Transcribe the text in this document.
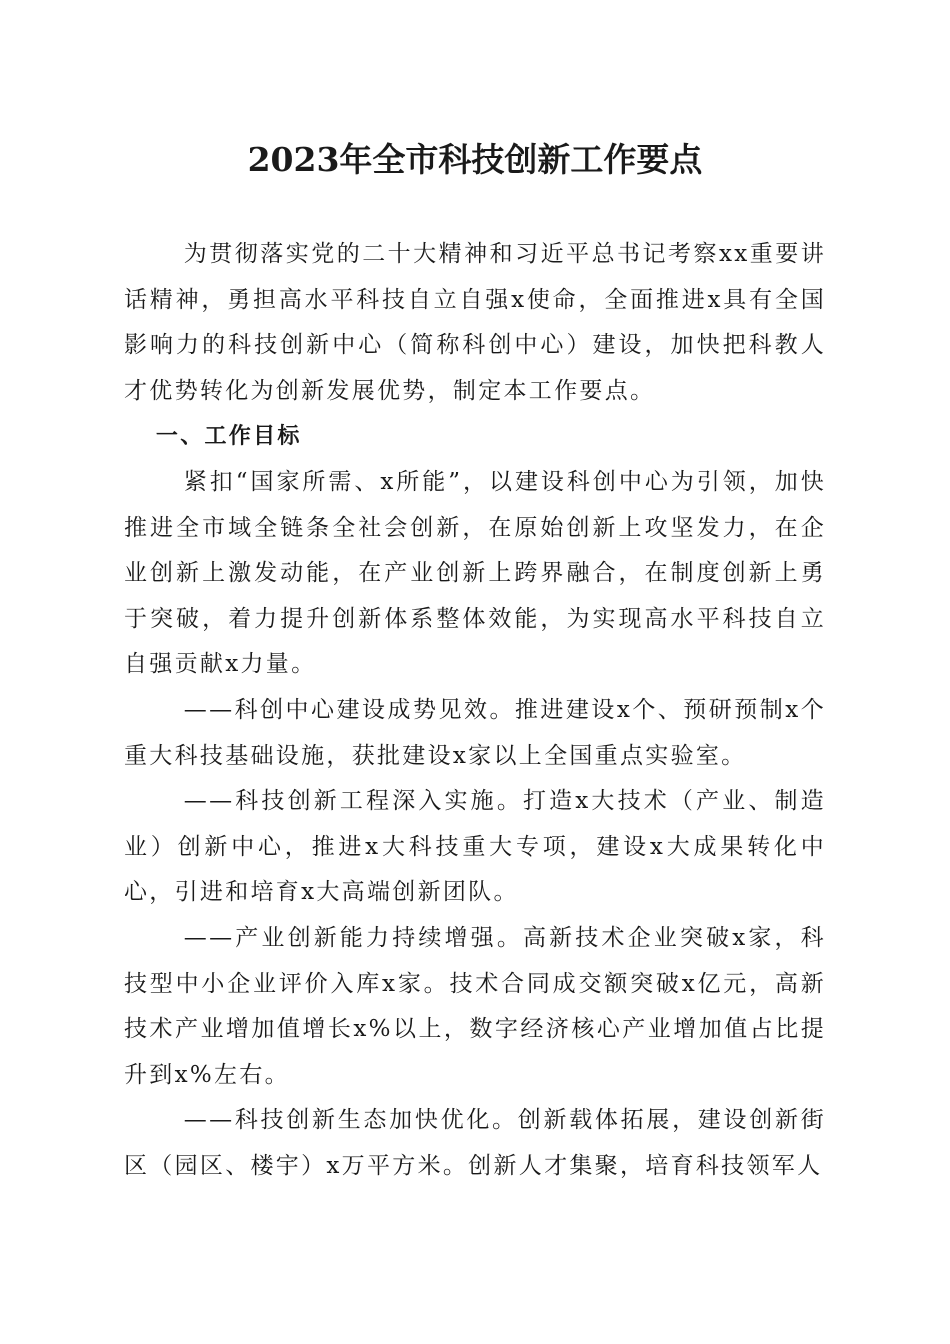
2023年全市科技创新工作要点

为贯彻落实党的二十大精神和习近平总书记考察xx重要讲话精神，勇担高水平科技自立自强x使命，全面推进x具有全国影响力的科技创新中心（简称科创中心）建设，加快把科教人才优势转化为创新发展优势，制定本工作要点。

一、工作目标

紧扣“国家所需、x所能”，以建设科创中心为引领，加快推进全市域全链条全社会创新，在原始创新上攻坚发力，在企业创新上激发动能，在产业创新上跨界融合，在制度创新上勇于突破，着力提升创新体系整体效能，为实现高水平科技自立自强贡献x力量。

——科创中心建设成势见效。推进建设x个、预研预制x个重大科技基础设施，获批建设x家以上全国重点实验室。

——科技创新工程深入实施。打造x大技术（产业、制造业）创新中心，推进x大科技重大专项，建设x大成果转化中心，引进和培育x大高端创新团队。

——产业创新能力持续增强。高新技术企业突破x家，科技型中小企业评价入库x家。技术合同成交额突破x亿元，高新技术产业增加值增长x%以上，数字经济核心产业增加值占比提升到x%左右。

——科技创新生态加快优化。创新载体拓展，建设创新街区（园区、楼宇）x万平方米。创新人才集聚，培育科技领军人
